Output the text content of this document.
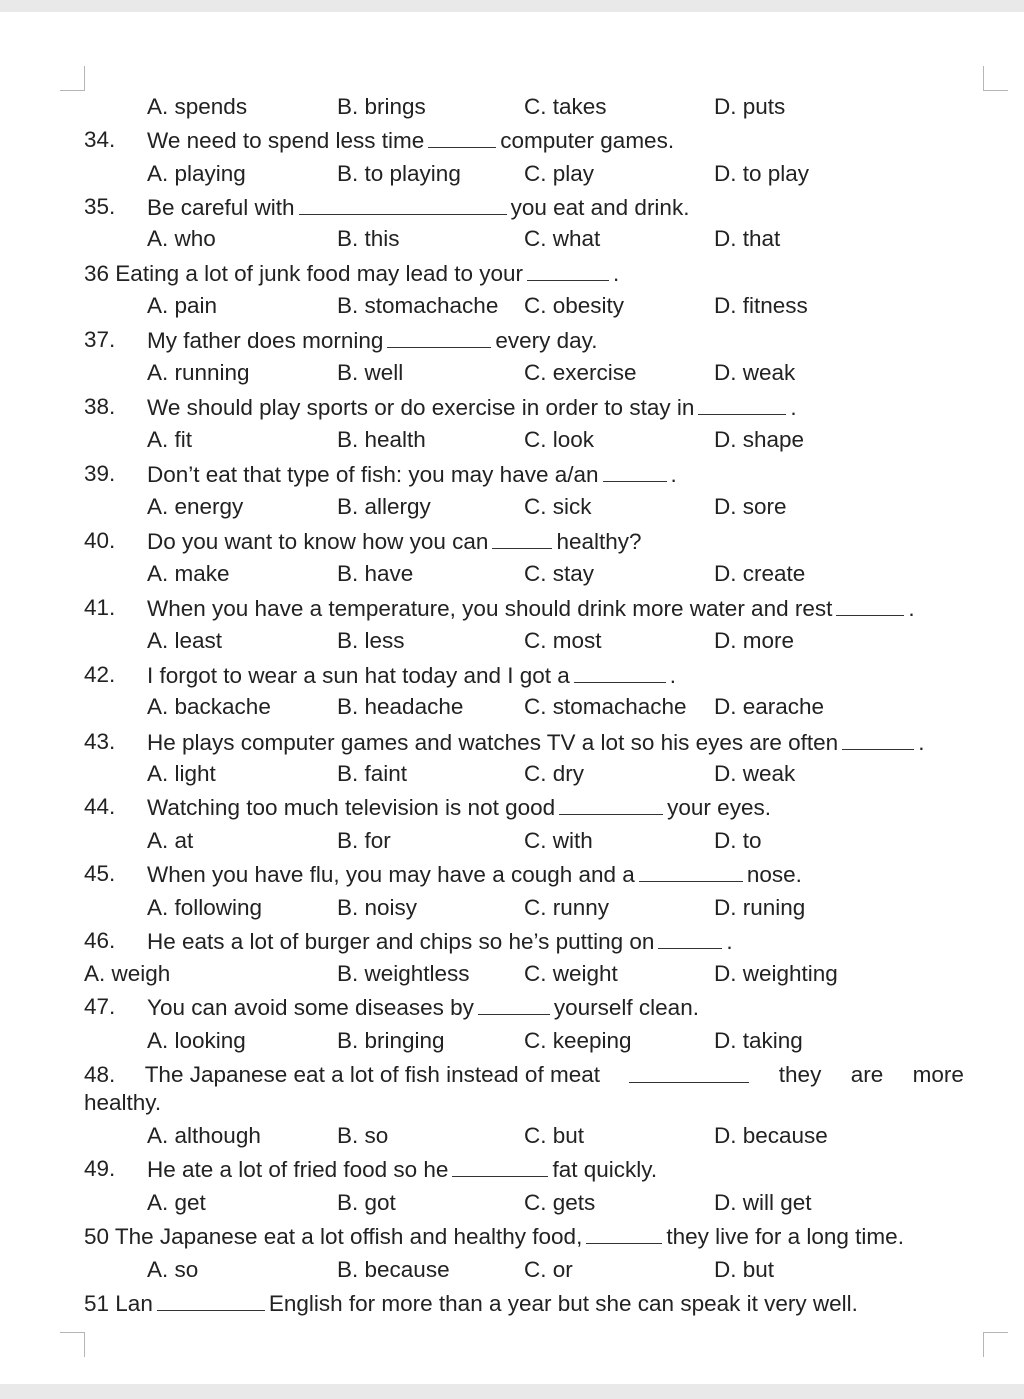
A. spends	B. brings	C. takes	D. puts
34. We need to spend less time	computer games.
A. playing	B. to playing	C. play	D. to play
35. Be careful with	you eat and drink.
A. who	B. this	C. what	D. that
36 Eating a lot of junk food may lead to your	.
A. pain	B. stomachache C. obesity	D. fitness
37. My father does morning	every day.
A. running	B. well	C. exercise	D. weak
38. We should play sports or do exercise in order to stay in	.
A. fit	B. health	C. look	D. shape
39. Don’t eat that type of fish: you may have a/an	.
A. energy	B. allergy	C. sick	D. sore
40. Do you want to know how you can	healthy?
A. make	B. have	C. stay	D. create
41. When you have a temperature, you should drink more water and rest	.
A. least	B. less	C. most	D. more
42. I forgot to wear a sun hat today and I got a	.
A. backache	B. headache	C. stomachache D. earache
43. He plays computer games and watches TV a lot so his eyes are often	.
A. light	B. faint	C. dry	D. weak
44. Watching too much television is not good	your eyes.
A. at	B. for	C. with	D. to
45. When you have flu, you may have a cough and a	nose.
A. following	B. noisy	C. runny	D. runing
46. He eats a lot of burger and chips so he’s putting on	.
A. weigh	B. weightless C. weight	D. weighting
47. You can avoid some diseases by	yourself clean.
A. looking	B. bringing	C. keeping	D. taking
48. The Japanese eat a lot of fish instead of meat	they are more
healthy.
A. although	B. so	C. but	D. because
49. He ate a lot of fried food so he	fat quickly.
A. get	B. got	C. gets	D. will get
50 The Japanese eat a lot offish and healthy food,	they live for a long time.
A. so	B. because	C. or	D. but
51 Lan	English for more than a year but she can speak it very well.
